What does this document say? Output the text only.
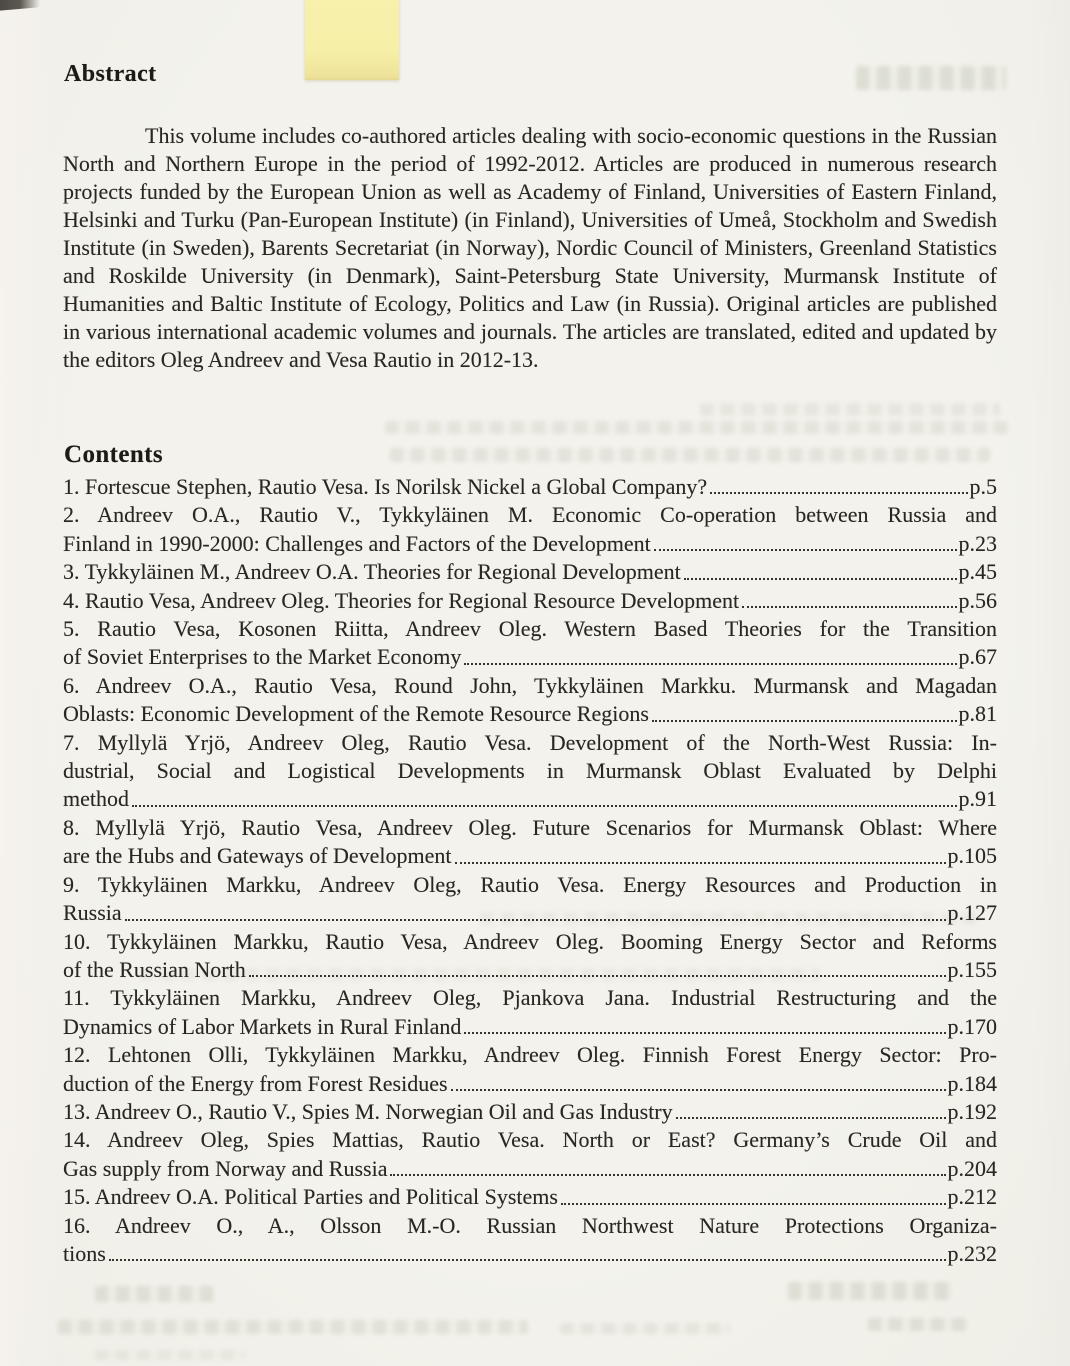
Abstract

This volume includes co-authored articles dealing with socio-economic questions in the Russian North and Northern Europe in the period of 1992-2012. Articles are produced in numerous research projects funded by the European Union as well as Academy of Finland, Universities of Eastern Finland, Helsinki and Turku (Pan-European Institute) (in Finland), Universities of Umeå, Stockholm and Swedish Institute (in Sweden), Barents Secretariat (in Norway), Nordic Council of Ministers, Greenland Statistics and Roskilde University (in Denmark), Saint-Petersburg State University, Murmansk Institute of Humanities and Baltic Institute of Ecology, Politics and Law (in Russia). Original articles are published in various international academic volumes and journals. The articles are translated, edited and updated by the editors Oleg Andreev and Vesa Rautio in 2012-13.

Contents
1. Fortescue Stephen, Rautio Vesa. Is Norilsk Nickel a Global Company?	p.5
2. Andreev O.A., Rautio V., Tykkyläinen M. Economic Co-operation between Russia and
Finland in 1990-2000: Challenges and Factors of the Development	p.23
3. Tykkyläinen M., Andreev O.A. Theories for Regional Development	p.45
4. Rautio Vesa, Andreev Oleg. Theories for Regional Resource Development	p.56
5. Rautio Vesa, Kosonen Riitta, Andreev Oleg. Western Based Theories for the Transition
of Soviet Enterprises to the Market Economy	p.67
6. Andreev O.A., Rautio Vesa, Round John, Tykkyläinen Markku. Murmansk and Magadan
Oblasts: Economic Development of the Remote Resource Regions	p.81
7. Myllylä Yrjö, Andreev Oleg, Rautio Vesa. Development of the North-West Russia: In-
dustrial, Social and Logistical Developments in Murmansk Oblast Evaluated by Delphi
method	p.91
8. Myllylä Yrjö, Rautio Vesa, Andreev Oleg. Future Scenarios for Murmansk Oblast: Where
are the Hubs and Gateways of Development	p.105
9. Tykkyläinen Markku, Andreev Oleg, Rautio Vesa. Energy Resources and Production in
Russia	p.127
10. Tykkyläinen Markku, Rautio Vesa, Andreev Oleg. Booming Energy Sector and Reforms
of the Russian North	p.155
11. Tykkyläinen Markku, Andreev Oleg, Pjankova Jana. Industrial Restructuring and the
Dynamics of Labor Markets in Rural Finland	p.170
12. Lehtonen Olli, Tykkyläinen Markku, Andreev Oleg. Finnish Forest Energy Sector: Pro-
duction of the Energy from Forest Residues	p.184
13. Andreev O., Rautio V., Spies M. Norwegian Oil and Gas Industry	p.192
14. Andreev Oleg, Spies Mattias, Rautio Vesa. North or East? Germany’s Crude Oil and
Gas supply from Norway and Russia	p.204
15. Andreev O.A. Political Parties and Political Systems	p.212
16. Andreev O., A., Olsson M.-O. Russian Northwest Nature Protections Organiza-
tions	p.232
